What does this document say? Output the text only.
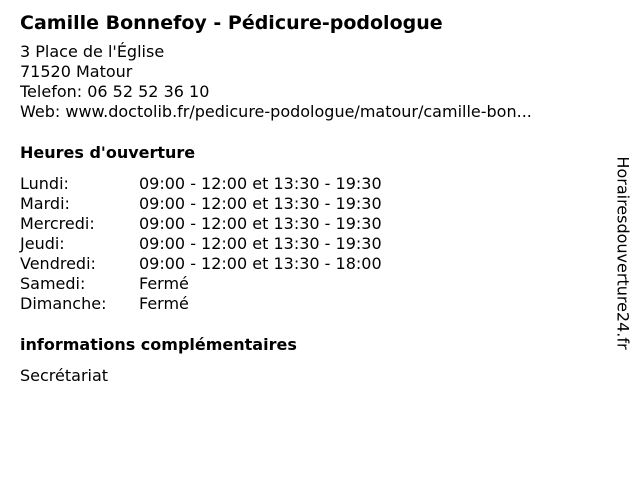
Camille Bonnefoy - Pédicure-podologue
3 Place de l'Église
71520 Matour
Telefon: 06 52 52 36 10
Web: www.doctolib.fr/pedicure-podologue/matour/camille-bon...
Heures d'ouverture
Lundi:	09:00 - 12:00 et 13:30 - 19:30
Mardi:	09:00 - 12:00 et 13:30 - 19:30
Mercredi:	09:00 - 12:00 et 13:30 - 19:30
Jeudi:	09:00 - 12:00 et 13:30 - 19:30
Vendredi:	09:00 - 12:00 et 13:30 - 18:00
Samedi:	Fermé
Dimanche:	Fermé
informations complémentaires
Secrétariat
Horairesdouverture24.fr
